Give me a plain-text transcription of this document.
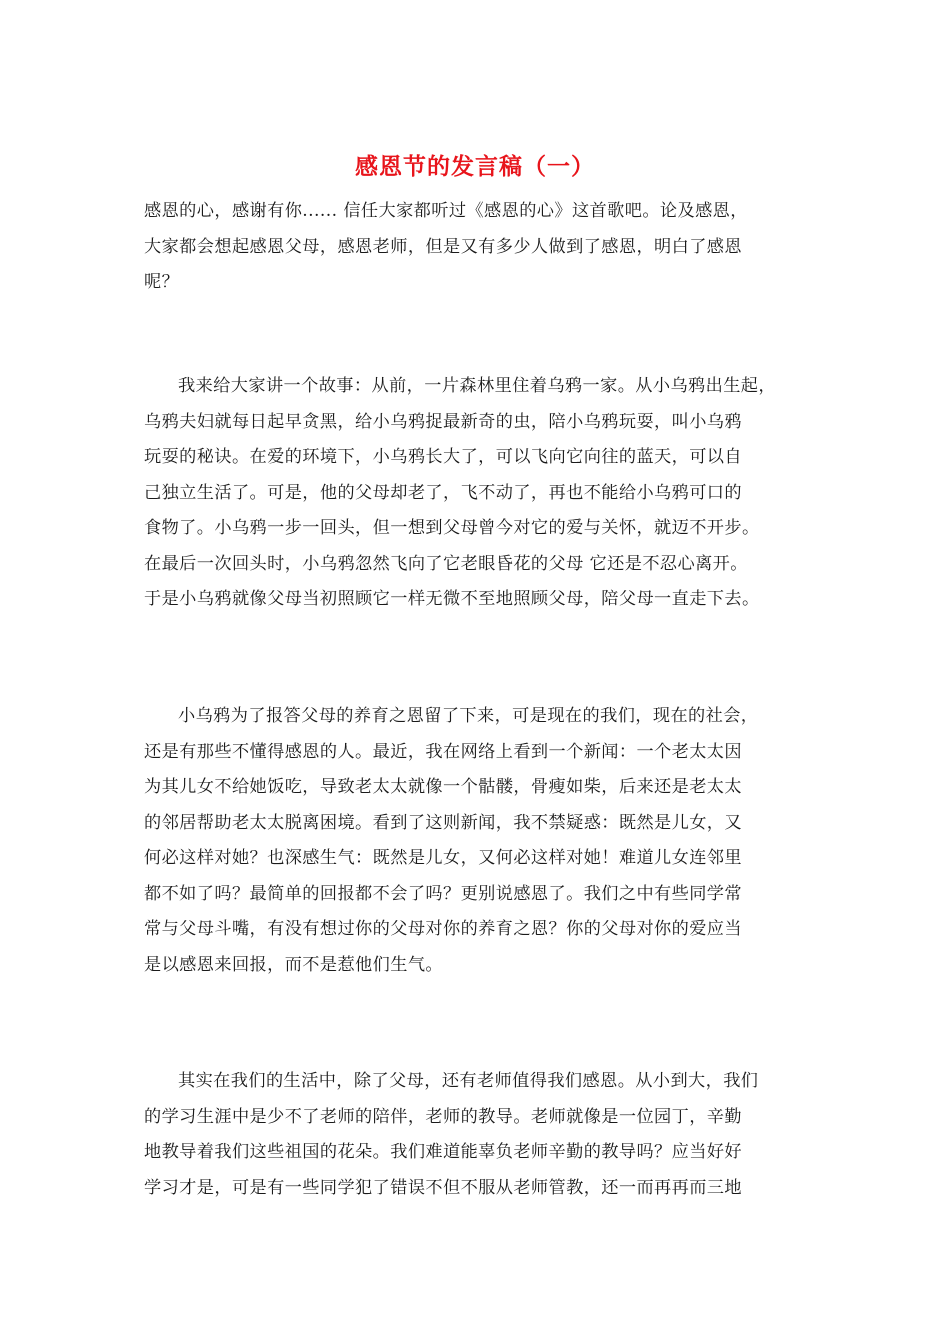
感恩节的发言稿（一）
感恩的心，感谢有你...... 信任大家都听过《感恩的心》这首歌吧。论及感恩，
大家都会想起感恩父母，感恩老师，但是又有多少人做到了感恩，明白了感恩
呢？
我来给大家讲一个故事：从前，一片森林里住着乌鸦一家。从小乌鸦出生起，
乌鸦夫妇就每日起早贪黑，给小乌鸦捉最新奇的虫，陪小乌鸦玩耍，叫小乌鸦
玩耍的秘诀。在爱的环境下，小乌鸦长大了，可以飞向它向往的蓝天，可以自
己独立生活了。可是，他的父母却老了，飞不动了，再也不能给小乌鸦可口的
食物了。小乌鸦一步一回头，但一想到父母曾今对它的爱与关怀，就迈不开步。
在最后一次回头时，小乌鸦忽然飞向了它老眼昏花的父母 它还是不忍心离开。
于是小乌鸦就像父母当初照顾它一样无微不至地照顾父母，陪父母一直走下去。
小乌鸦为了报答父母的养育之恩留了下来，可是现在的我们，现在的社会，
还是有那些不懂得感恩的人。最近，我在网络上看到一个新闻：一个老太太因
为其儿女不给她饭吃，导致老太太就像一个骷髅，骨瘦如柴，后来还是老太太
的邻居帮助老太太脱离困境。看到了这则新闻，我不禁疑惑：既然是儿女，又
何必这样对她？也深感生气：既然是儿女，又何必这样对她！难道儿女连邻里
都不如了吗？最简单的回报都不会了吗？更别说感恩了。我们之中有些同学常
常与父母斗嘴，有没有想过你的父母对你的养育之恩？你的父母对你的爱应当
是以感恩来回报，而不是惹他们生气。
其实在我们的生活中，除了父母，还有老师值得我们感恩。从小到大，我们
的学习生涯中是少不了老师的陪伴，老师的教导。老师就像是一位园丁，辛勤
地教导着我们这些祖国的花朵。我们难道能辜负老师辛勤的教导吗？应当好好
学习才是，可是有一些同学犯了错误不但不服从老师管教，还一而再再而三地
